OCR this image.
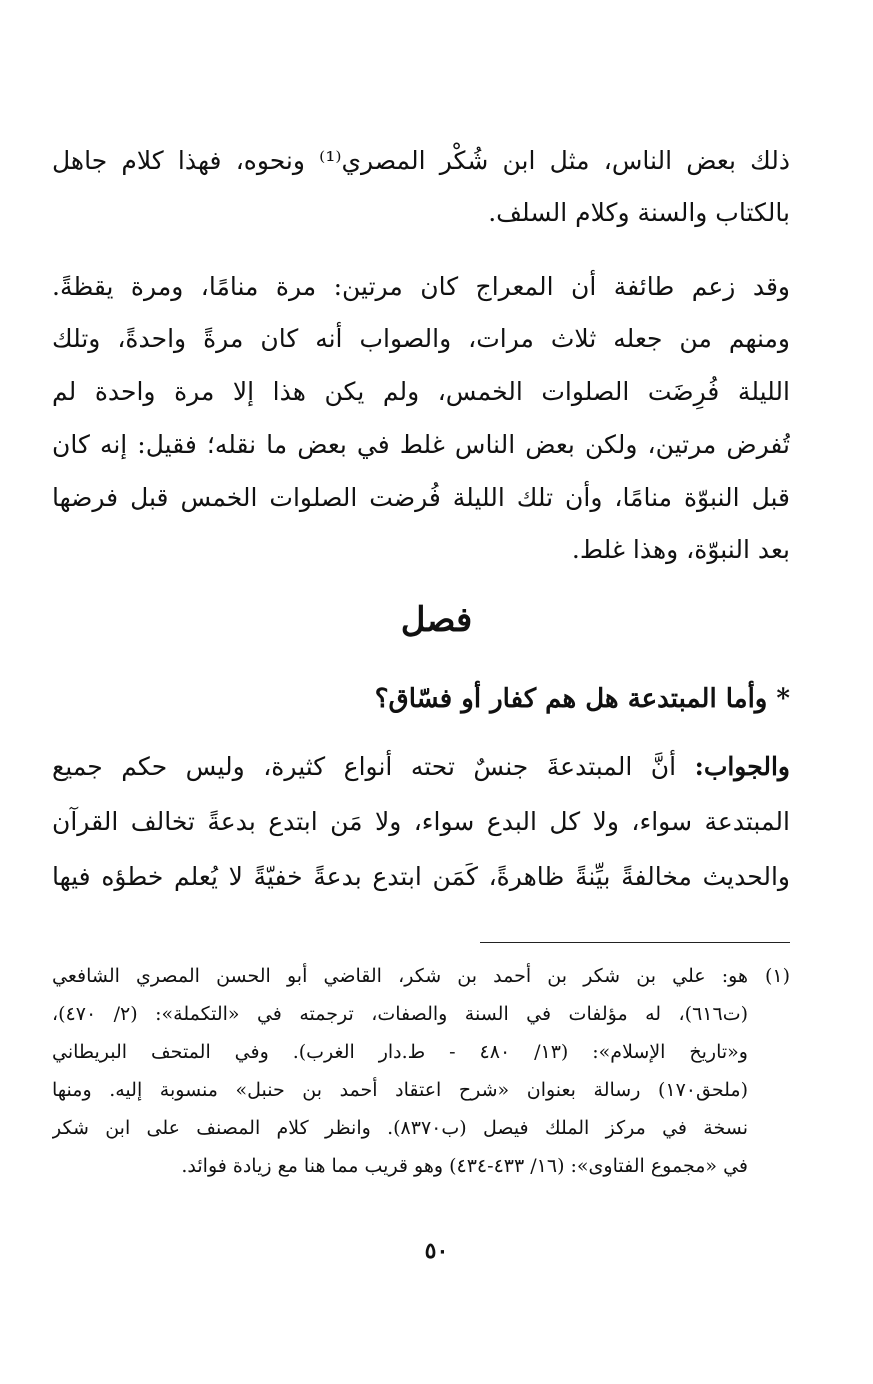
ذلك بعض الناس، مثل ابن شُكْر المصري⁽¹⁾ ونحوه، فهذا كلام جاهل
بالكتاب والسنة وكلام السلف.
وقد زعم طائفة أن المعراج كان مرتين: مرة منامًا، ومرة يقظةً.
ومنهم من جعله ثلاث مرات، والصواب أنه كان مرةً واحدةً، وتلك
الليلة فُرِضَت الصلوات الخمس، ولم يكن هذا إلا مرة واحدة لم
تُفرض مرتين، ولكن بعض الناس غلط في بعض ما نقله؛ فقيل: إنه كان
قبل النبوّة منامًا، وأن تلك الليلة فُرضت الصلوات الخمس قبل فرضها
بعد النبوّة، وهذا غلط.
فصل
* وأما المبتدعة هل هم كفار أو فسّاق؟
والجواب: أنَّ المبتدعةَ جنسٌ تحته أنواع كثيرة، وليس حكم جميع
المبتدعة سواء، ولا كل البدع سواء، ولا مَن ابتدع بدعةً تخالف القرآن
والحديث مخالفةً بيِّنةً ظاهرةً، كَمَن ابتدع بدعةً خفيّةً لا يُعلم خطؤه فيها
(١)
هو: علي بن شكر بن أحمد بن شكر، القاضي أبو الحسن المصري الشافعي
(ت٦١٦)، له مؤلفات في السنة والصفات، ترجمته في «التكملة»: (٢/ ٤٧٠)،
و«تاريخ الإسلام»: (١٣/ ٤٨٠ - ط.دار الغرب). وفي المتحف البريطاني
(ملحق١٧٠) رسالة بعنوان «شرح اعتقاد أحمد بن حنبل» منسوبة إليه. ومنها
نسخة في مركز الملك فيصل (ب٨٣٧٠). وانظر كلام المصنف على ابن شكر
في «مجموع الفتاوى»: (١٦/ ٤٣٣-٤٣٤) وهو قريب مما هنا مع زيادة فوائد.
٥٠
